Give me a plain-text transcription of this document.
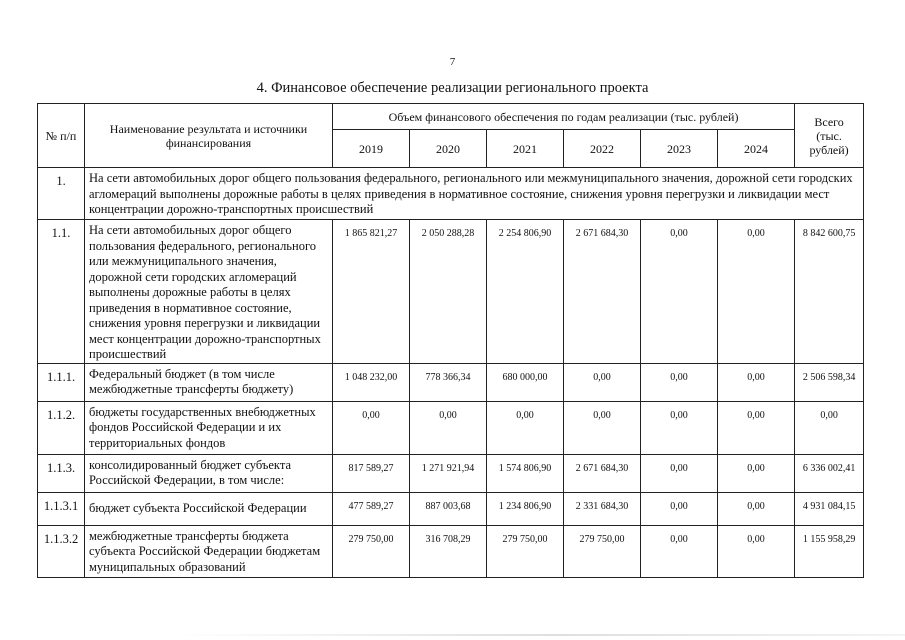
7
4. Финансовое обеспечение реализации регионального проекта
№ п/п	Наименование результата и источники финансирования	Объем финансового обеспечения по годам реализации (тыс. рублей)						Всего (тыс. рублей)
		2019	2020	2021	2022	2023	2024	
1.	На сети автомобильных дорог общего пользования федерального, регионального или межмуниципального значения, дорожной сети городских агломераций выполнены дорожные работы в целях приведения в нормативное состояние, снижения уровня перегрузки и ликвидации мест концентрации дорожно-транспортных происшествий							
1.1.	На сети автомобильных дорог общего пользования федерального, регионального или межмуниципального значения, дорожной сети городских агломераций выполнены дорожные работы в целях приведения в нормативное состояние, снижения уровня перегрузки и ликвидации мест концентрации дорожно-транспортных происшествий	1 865 821,27	2 050 288,28	2 254 806,90	2 671 684,30	0,00	0,00	8 842 600,75
1.1.1.	Федеральный бюджет (в том числе межбюджетные трансферты бюджету)	1 048 232,00	778 366,34	680 000,00	0,00	0,00	0,00	2 506 598,34
1.1.2.	бюджеты государственных внебюджетных фондов Российской Федерации и их территориальных фондов	0,00	0,00	0,00	0,00	0,00	0,00	0,00
1.1.3.	консолидированный бюджет субъекта Российской Федерации, в том числе:	817 589,27	1 271 921,94	1 574 806,90	2 671 684,30	0,00	0,00	6 336 002,41
1.1.3.1	бюджет субъекта Российской Федерации	477 589,27	887 003,68	1 234 806,90	2 331 684,30	0,00	0,00	4 931 084,15
1.1.3.2	межбюджетные трансферты бюджета субъекта Российской Федерации бюджетам муниципальных образований	279 750,00	316 708,29	279 750,00	279 750,00	0,00	0,00	1 155 958,29
